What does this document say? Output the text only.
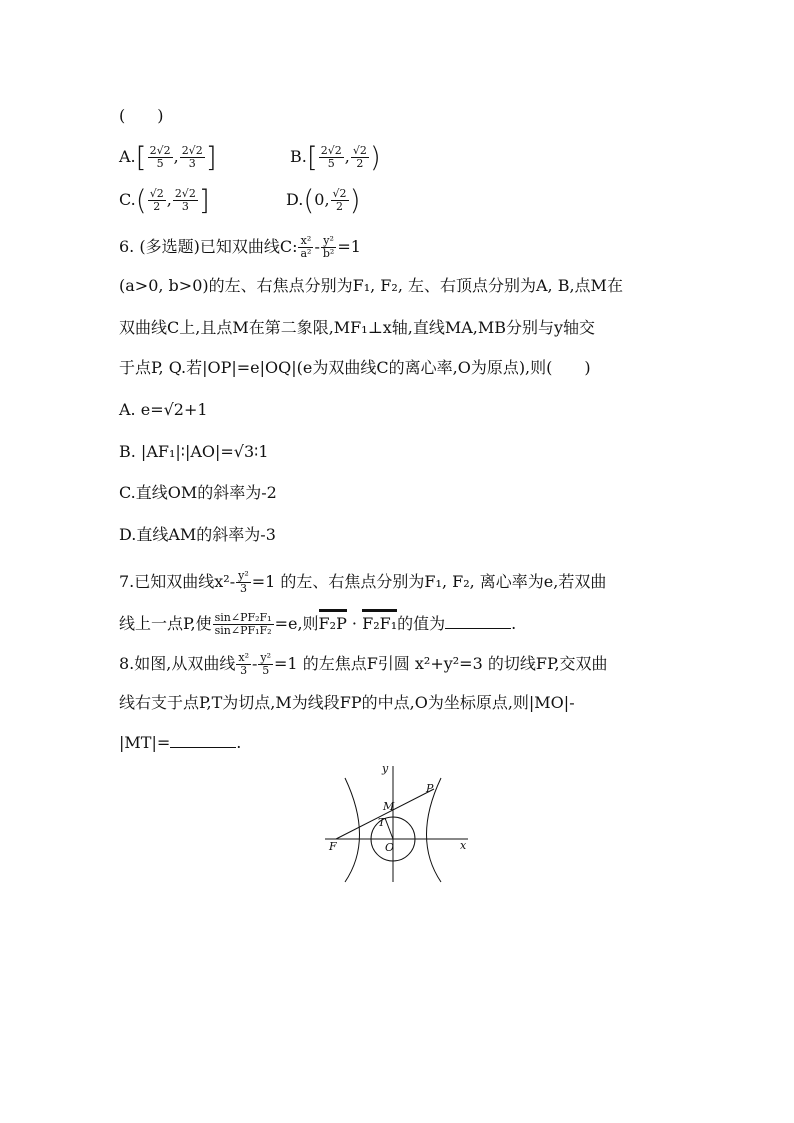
(　　)
$A.[ \frac{2√2}{5}$ , $\frac{2√2}{3}$ ]	$B.[ \frac{2√2}{5}$ , $\frac{√2}{2}$ )
$C.( \frac{√2}{2}$ , $\frac{2√2}{3}$ ]	D.(0, $\frac{√2}{2}$ )
6. (多选题)已知双曲线C: $\frac{\text{x²}}{\text{a²}} - \frac{\text{y²}}{\text{b²}} =1$
(a>0, b>0)的左、右焦点分别为F₁, F₂, 左、右顶点分别为A, B,点M在
双曲线C上,且点M在第二象限,MF₁⊥x轴,直线MA,MB分别与y轴交
于点P, Q.若|OP|=e|OQ|(e为双曲线C的离心率,O为原点),则(　　)
A. e=√2+1
B. |AF₁|∶|AO|=√3∶1
C.直线OM的斜率为-2
D.直线AM的斜率为-3
7.已知双曲线$x^2- \frac{\text{y²}}{3} =1$ 的左、右焦点分别为F₁, F₂, 离心率为e,若双曲
线上一点P,使 $\frac{\text{sin∠PF₂F₁}}{\text{sin∠PF₁F₂}} =e$,则F₂P · F₂F₁的值为	.
8.如图,从双曲线 $\frac{\text{x²}}{3} - \frac{\text{y²}}{5} =1$ 的左焦点F引圆 x²+y²=3 的切线FP,交双曲
线右支于点P,T为切点,M为线段FP的中点,O为坐标原点,则|MO|-
|MT|=	.
y
x
P
M
T
F	O
